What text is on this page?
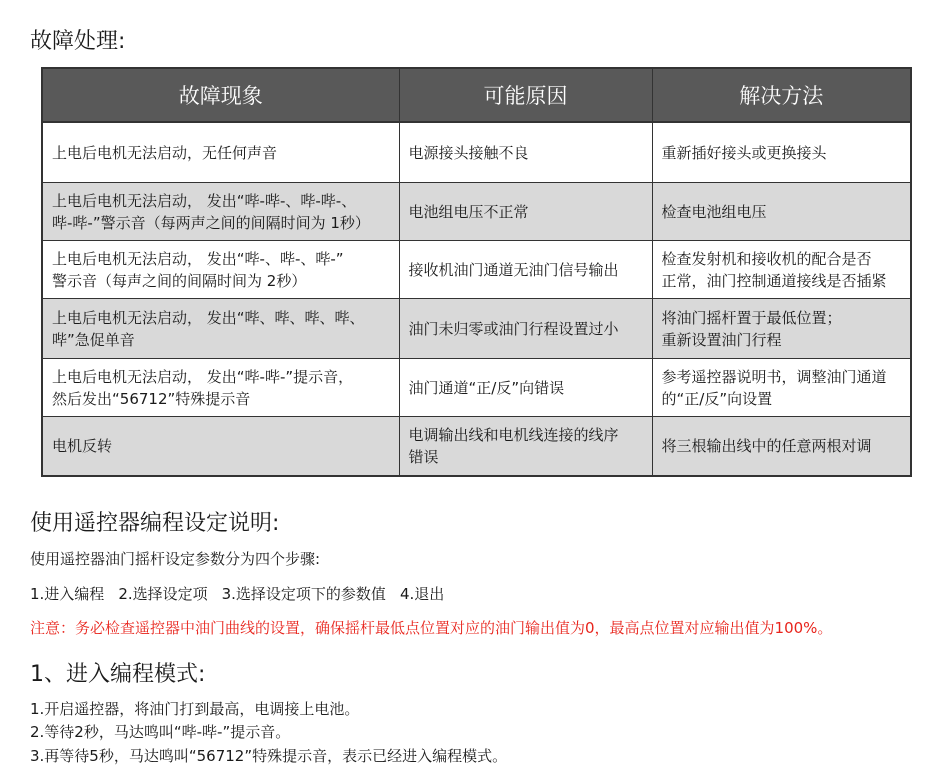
故障处理:
故障现象	可能原因	解决方法
上电后电机无法启动，无任何声音	电源接头接触不良	重新插好接头或更换接头
上电后电机无法启动， 发出“哔-哔-、哔-哔-、
哔-哔-”警示音（每两声之间的间隔时间为 1秒）	电池组电压不正常	检查电池组电压
上电后电机无法启动， 发出“哔-、哔-、哔-”
警示音（每声之间的间隔时间为 2秒）	接收机油门通道无油门信号输出	检查发射机和接收机的配合是否
正常，油门控制通道接线是否插紧
上电后电机无法启动， 发出“哔、哔、哔、哔、
哔”急促单音	油门未归零或油门行程设置过小	将油门摇杆置于最低位置；
重新设置油门行程
上电后电机无法启动， 发出“哔-哔-”提示音，
然后发出“56712”特殊提示音	油门通道“正/反”向错误	参考遥控器说明书，调整油门通道
的“正/反”向设置
电机反转	电调输出线和电机线连接的线序
错误	将三根输出线中的任意两根对调
使用遥控器编程设定说明:

使用遥控器油门摇杆设定参数分为四个步骤:

1.进入编程 2.选择设定项 3.选择设定项下的参数值 4.退出

注意：务必检查遥控器中油门曲线的设置，确保摇杆最低点位置对应的油门输出值为0，最高点位置对应输出值为100%。

1、进入编程模式:

1.开启遥控器，将油门打到最高，电调接上电池。

2.等待2秒，马达鸣叫“哔-哔-”提示音。

3.再等待5秒，马达鸣叫“56712”特殊提示音，表示已经进入编程模式。
